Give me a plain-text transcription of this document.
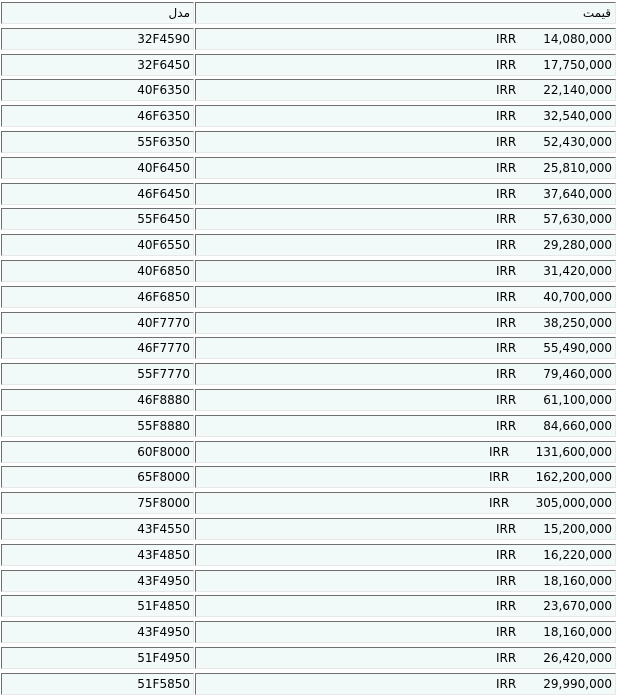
مدل	قیمت
32F4590	IRR 14,080,000
32F6450	IRR 17,750,000
40F6350	IRR 22,140,000
46F6350	IRR 32,540,000
55F6350	IRR 52,430,000
40F6450	IRR 25,810,000
46F6450	IRR 37,640,000
55F6450	IRR 57,630,000
40F6550	IRR 29,280,000
40F6850	IRR 31,420,000
46F6850	IRR 40,700,000
40F7770	IRR 38,250,000
46F7770	IRR 55,490,000
55F7770	IRR 79,460,000
46F8880	IRR 61,100,000
55F8880	IRR 84,660,000
60F8000	IRR 131,600,000
65F8000	IRR 162,200,000
75F8000	IRR 305,000,000
43F4550	IRR 15,200,000
43F4850	IRR 16,220,000
43F4950	IRR 18,160,000
51F4850	IRR 23,670,000
43F4950	IRR 18,160,000
51F4950	IRR 26,420,000
51F5850	IRR 29,990,000
